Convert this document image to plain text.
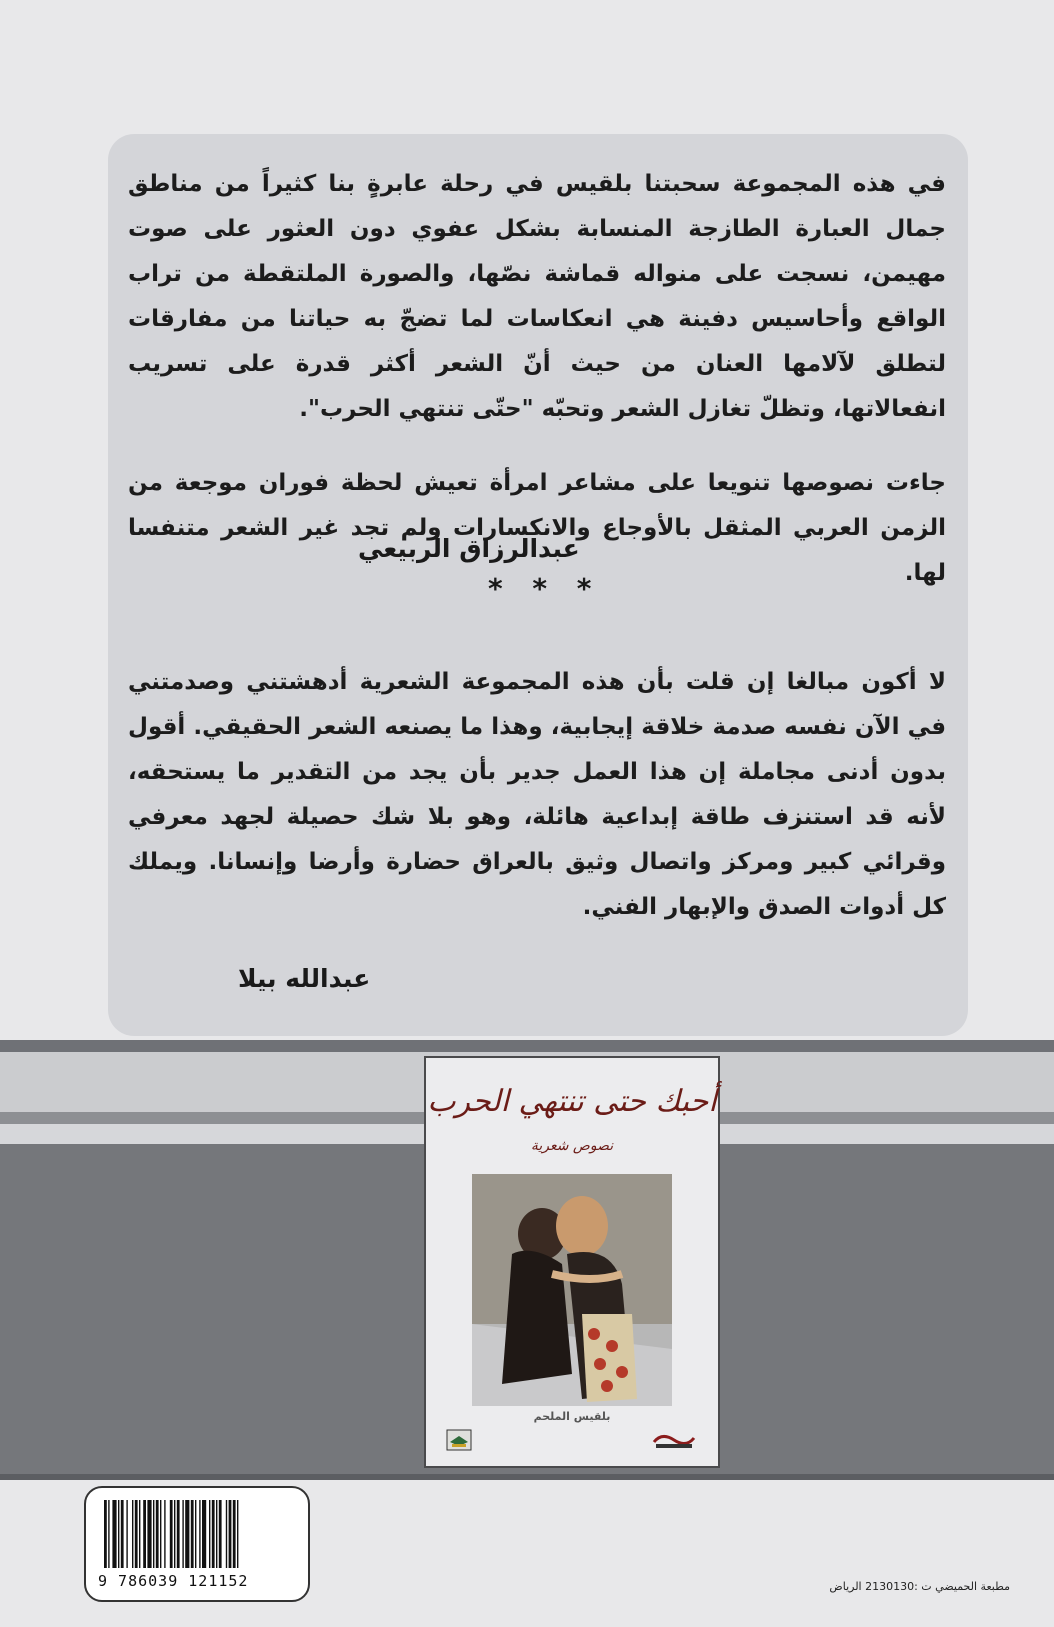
في هذه المجموعة سحبتنا بلقيس في رحلة عابرةٍ بنا كثيراً من مناطق جمال العبارة الطازجة المنسابة بشكل عفوي دون العثور على صوت مهيمن، نسجت على منواله قماشة نصّها، والصورة الملتقطة من تراب الواقع وأحاسيس دفينة هي انعكاسات لما تضجّ به حياتنا من مفارقات لتطلق لآلامها العنان من حيث أنّ الشعر أكثر قدرة على تسريب انفعالاتها، وتظلّ تغازل الشعر وتحبّه "حتّى تنتهي الحرب".

جاءت نصوصها تنويعا على مشاعر امرأة تعيش لحظة فوران موجعة من الزمن العربي المثقل بالأوجاع والانكسارات ولم تجد غير الشعر متنفسا لها.

عبدالرزاق الربيعي
* * *

لا أكون مبالغا إن قلت بأن هذه المجموعة الشعرية أدهشتني وصدمتني في الآن نفسه صدمة خلاقة إيجابية، وهذا ما يصنعه الشعر الحقيقي. أقول بدون أدنى مجاملة إن هذا العمل جدير بأن يجد من التقدير ما يستحقه، لأنه قد استنزف طاقة إبداعية هائلة، وهو بلا شك حصيلة لجهد معرفي وقرائي كبير ومركز واتصال وثيق بالعراق حضارة وأرضا وإنسانا. ويملك كل أدوات الصدق والإبهار الفني.

عبدالله بيلا
أحبك حتى تنتهي الحرب
نصوص شعرية
بلقيس الملحم
9 786039 121152	مطبعة الحميضي ت :2130130 الرياض
